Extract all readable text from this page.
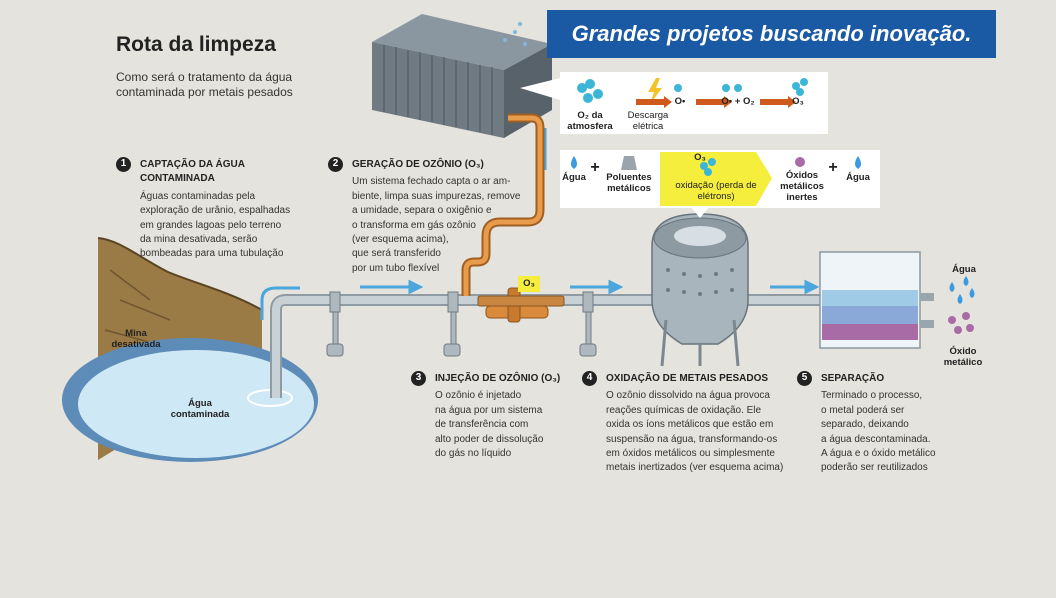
Rota da limpeza
Como será o tratamento da água contaminada por metais pesados
Grandes projetos buscando inovação.
O₂ da atmosfera
Descarga elétrica
O•	O• + O₂	O₃
Água
+
Poluentes metálicos
O₃
oxidação (perda de elétrons)
Óxidos metálicos inertes
+
Água
Mina desativada
Água contaminada
O₃
Água
Óxido metálico
1	CAPTAÇÃO DA ÁGUA CONTAMINADA
Águas contaminadas pela
exploração de urânio, espalhadas
em grandes lagoas pelo terreno
da mina desativada, serão
bombeadas para uma tubulação
2	GERAÇÃO DE OZÔNIO (O₃)
Um sistema fechado capta o ar am-
biente, limpa suas impurezas, remove
a umidade, separa o oxigênio e
o transforma em gás ozônio
(ver esquema acima),
que será transferido
por um tubo flexível
3	INJEÇÃO DE OZÔNIO (O₃)
O ozônio é injetado
na água por um sistema
de transferência com
alto poder de dissolução
do gás no líquido
4	OXIDAÇÃO DE METAIS PESADOS
O ozônio dissolvido na água provoca
reações químicas de oxidação. Ele
oxida os íons metálicos que estão em
suspensão na água, transformando-os
em óxidos metálicos ou simplesmente
metais inertizados (ver esquema acima)
5	SEPARAÇÃO
Terminado o processo,
o metal poderá ser
separado, deixando
a água descontaminada.
A água e o óxido metálico
poderão ser reutilizados
